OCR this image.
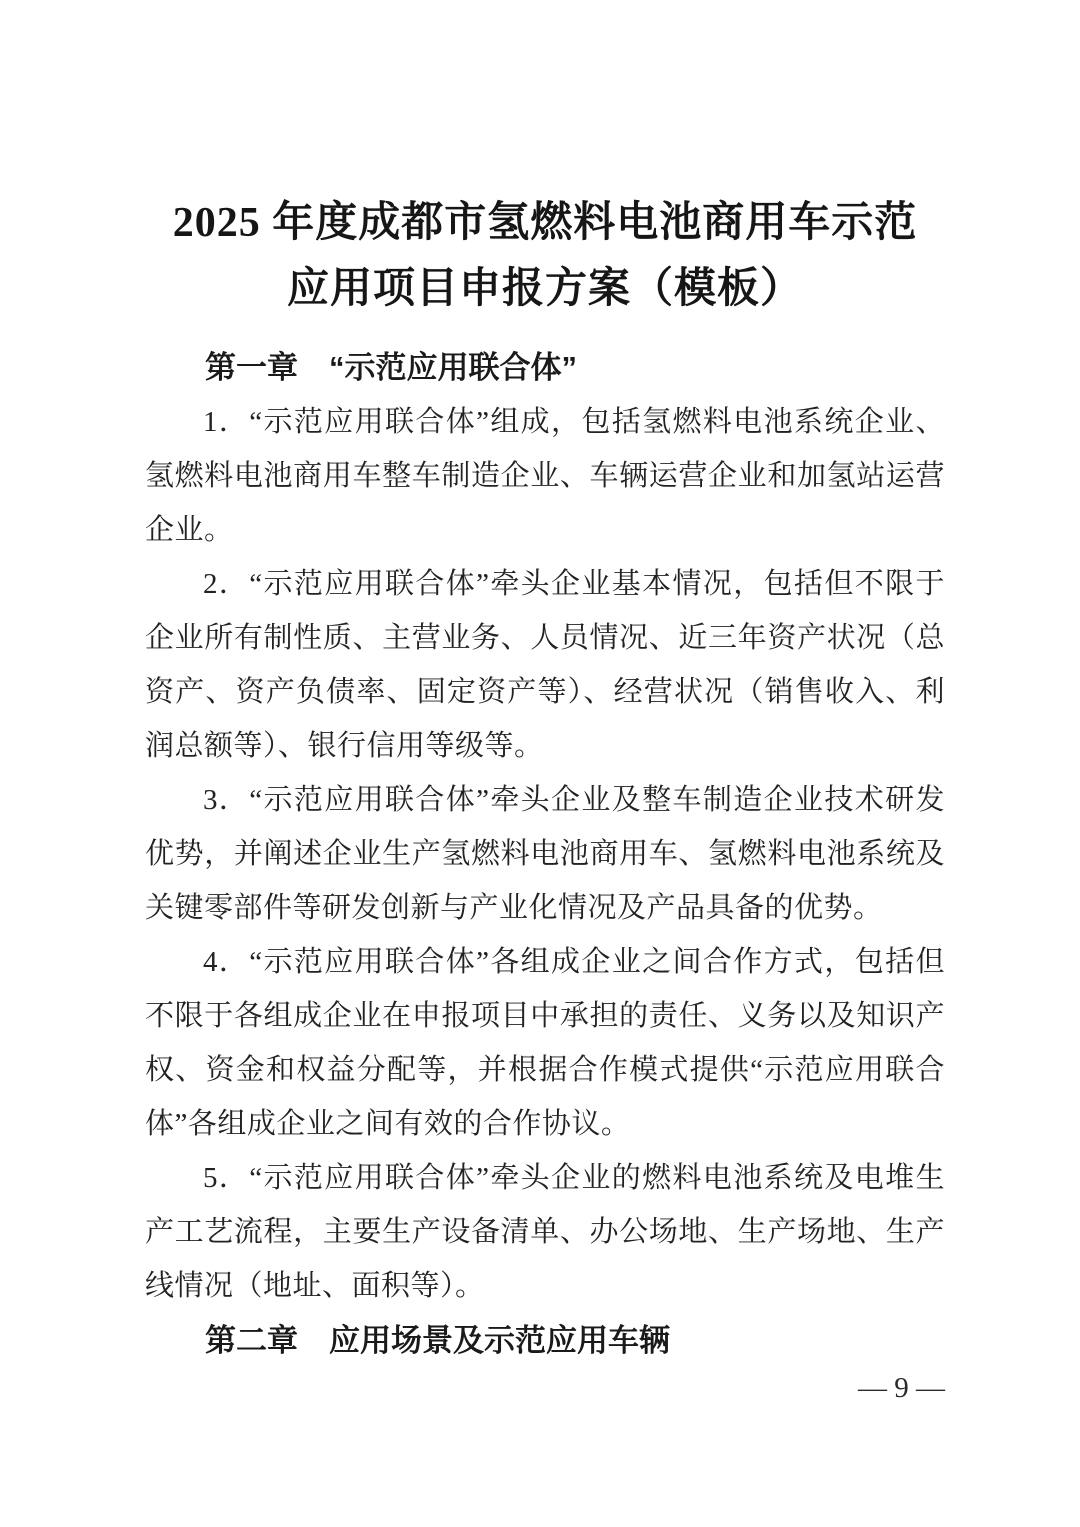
2025 年度成都市氢燃料电池商用车示范
应用项目申报方案（模板）
第一章　“示范应用联合体”

1．“示范应用联合体”组成，包括氢燃料电池系统企业、氢燃料电池商用车整车制造企业、车辆运营企业和加氢站运营企业。

2．“示范应用联合体”牵头企业基本情况，包括但不限于企业所有制性质、主营业务、人员情况、近三年资产状况（总资产、资产负债率、固定资产等）、经营状况（销售收入、利润总额等）、银行信用等级等。

3．“示范应用联合体”牵头企业及整车制造企业技术研发优势，并阐述企业生产氢燃料电池商用车、氢燃料电池系统及关键零部件等研发创新与产业化情况及产品具备的优势。

4．“示范应用联合体”各组成企业之间合作方式，包括但不限于各组成企业在申报项目中承担的责任、义务以及知识产权、资金和权益分配等，并根据合作模式提供“示范应用联合体”各组成企业之间有效的合作协议。

5．“示范应用联合体”牵头企业的燃料电池系统及电堆生产工艺流程，主要生产设备清单、办公场地、生产场地、生产线情况（地址、面积等）。

第二章　应用场景及示范应用车辆
— 9 —
